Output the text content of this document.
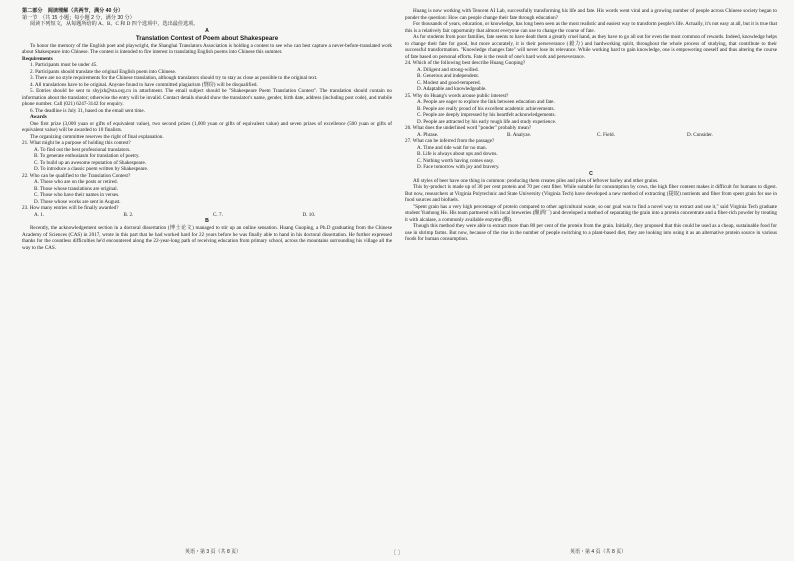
第二部分　阅读理解（共两节，满分 40 分）

第一节　（共 15 小题；每小题 2 分，满分 30 分）

阅读下列短文，从每题所给的 A、B、C 和 D 四个选项中，选出最佳选项。

A

Translation Contest of Poem about Shakespeare

To honor the memory of the English poet and playwright, the Shanghai Translators Association is holding a contest to see who can best capture a never-before-translated work about Shakespeare into Chinese. The contest is intended to fire interest in translating English poems into Chinese this summer.

Requirements

1. Participants must be under 45.

2. Participants should translate the original English poem into Chinese.

3. There are no style requirements for the Chinese translation, although translators should try to stay as close as possible to the original text.

4. All translations have to be original. Anyone found to have committed plagiarism (剽窃) will be disqualified.

5. Entries should be sent to shyjxh@sta.org.cn in attachment. The email subject should be "Shakespeare Poem Translation Contest". The translation should contain no information about the translator; otherwise the entry will be invalid. Contact details should show the translator's name, gender, birth date, address (including post code), and mobile phone number. Call (021) 6247-3142 for enquiry.

6. The deadline is July 31, based on the email sent time.

Awards

One first prize (3,000 yuan or gifts of equivalent value), two second prizes (1,000 yuan or gifts of equivalent value) and seven prizes of excellence (500 yuan or gifts of equivalent value) will be awarded to 10 finalists.

The organizing committee reserves the right of final explanation.

21. What might be a purpose of holding this contest?

A. To find out the best professional translators.

B. To generate enthusiasm for translation of poetry.

C. To build up an awesome reputation of Shakespeare.

D. To introduce a classic poem written by Shakespeare.

22. Who can be qualified to the Translation Contest?

A. Those who are on the posts or retired.

B. Those whose translations are original.

C. Those who have their names in verses.

D. Those whose works are sent in August.

23. How many entries will be finally awarded?

A. 1.	B. 2.	C. 7.	D. 10.

B

Recently, the acknowledgement section in a doctoral dissertation (博士论文) managed to stir up an online sensation. Huang Guoping, a Ph.D graduating from the Chinese Academy of Sciences (CAS) in 2017, wrote in this part that he had worked hard for 22 years before he was finally able to hand in his doctoral dissertation. He further expressed thanks for the countless difficulties he'd encountered along the 22-year-long path of receiving education from primary school, across the mountains surrounding his village all the way to the CAS.

Huang is now working with Tencent AI Lab, successfully transforming his life and fate. His words went viral and a growing number of people across Chinese society began to ponder the question: How can people change their fate through education?

For thousands of years, education, or knowledge, has long been seen as the most realistic and easiest way to transform people's life. Actually, it's not easy at all, but it is true that this is a relatively fair opportunity that almost everyone can use to change the course of fate.

As for students from poor families, fate seems to have dealt them a greatly cruel hand, as they have to go all out for even the most common of rewards. Indeed, knowledge helps to change their fate for good, but more accurately, it is their perseverance (毅力) and hardworking spirit, throughout the whole process of studying, that contribute to their successful transformation. "Knowledge changes fate" will never lose its relevance. While working hard to gain knowledge, one is empowering oneself and thus altering the course of fate based on personal efforts. Fate is the result of one's hard work and perseverance.

24. Which of the following best describe Huang Guoping?

A. Diligent and strong-willed.

B. Generous and independent.

C. Modest and good-tempered.

D. Adaptable and knowledgeable.

25. Why do Huang's words arouse public interest?

A. People are eager to explore the link between education and fate.

B. People are really proud of his excellent academic achievements.

C. People are deeply impressed by his heartfelt acknowledgements.

D. People are attracted by his early tough life and study experience.

26. What does the underlined word "ponder" probably mean?

A. Phrase.	B. Analyze.	C. Field.	D. Consider.

27. What can be inferred from the passage?

A. Time and tide wait for no man.

B. Life is always about ups and downs.

C. Nothing worth having comes easy.

D. Face tomorrow with joy and bravery.

C

All styles of beer have one thing in common: producing them creates piles and piles of leftover barley and other grains.

This by-product is made up of 30 per cent protein and 70 per cent fiber. While suitable for consumption by cows, the high fiber content makes it difficult for humans to digest. But now, researchers at Virginia Polytechnic and State University (Virginia Tech) have developed a new method of extracting (提取) nutrients and fiber from spent grain for use in food sources and biofuels.

"Spent grain has a very high percentage of protein compared to other agricultural waste, so our goal was to find a novel way to extract and use it," said Virginia Tech graduate student Yunhong He. His team partnered with local breweries (酿酒厂) and developed a method of separating the grain into a protein concentrate and a fiber-rich powder by treating it with alcalase, a commonly available enzyme (酶).

Though this method they were able to extract more than 80 per cent of the protein from the grain. Initially, they proposed that this could be used as a cheap, sustainable food for use in shrimp farms. But now, because of the rise in the number of people switching to a plant-based diet, they are looking into using it as an alternative protein source in various foods for human consumption.

英语・第 3 页（共 8 页）	〔 〕	英语・第 4 页（共 8 页）
